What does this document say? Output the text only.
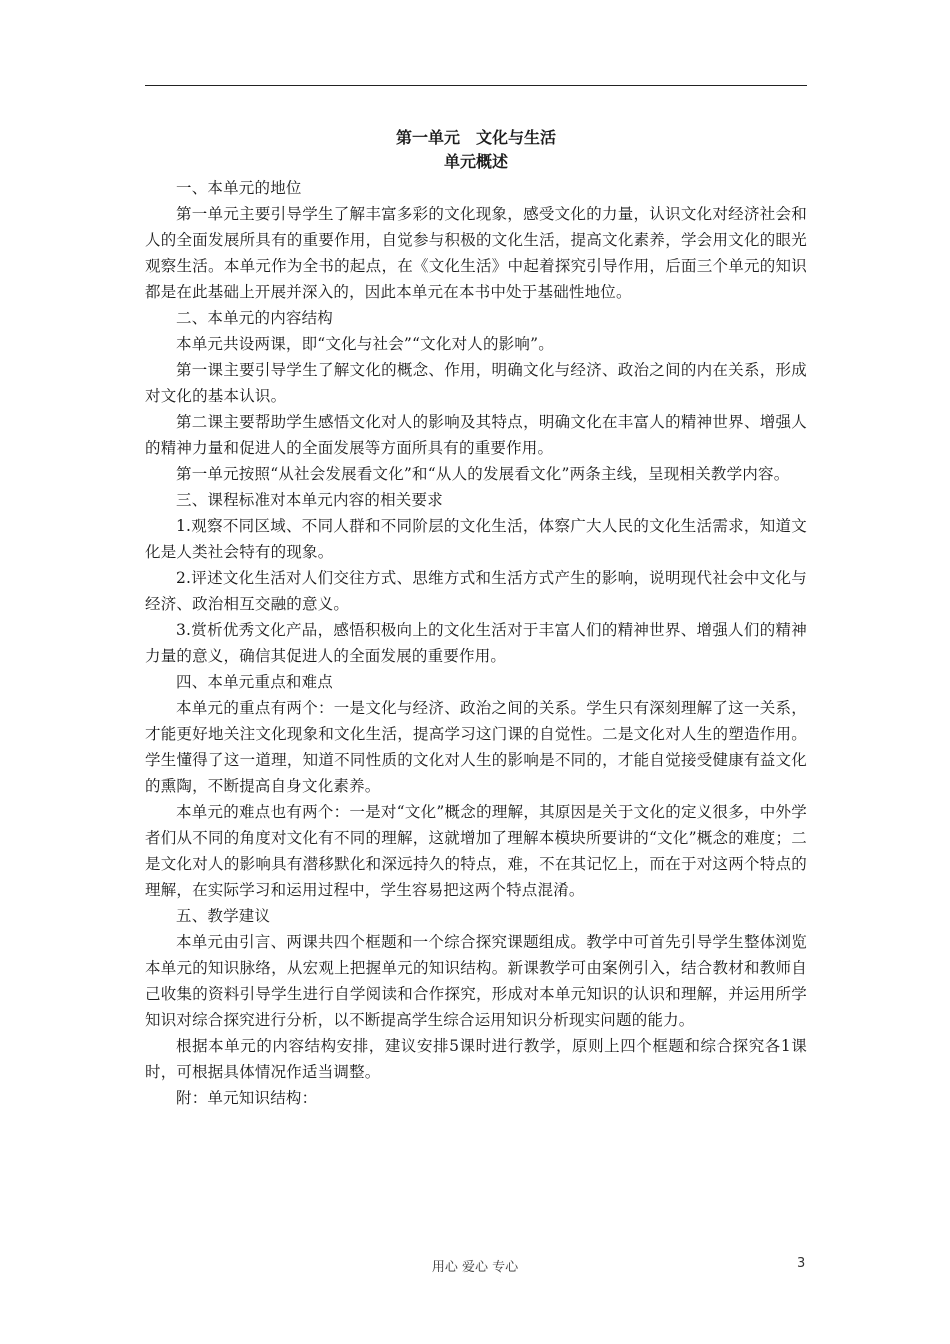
第一单元　文化与生活
单元概述

一、本单元的地位

第一单元主要引导学生了解丰富多彩的文化现象，感受文化的力量，认识文化对经济社会和人的全面发展所具有的重要作用，自觉参与积极的文化生活，提高文化素养，学会用文化的眼光观察生活。本单元作为全书的起点，在《文化生活》中起着探究引导作用，后面三个单元的知识都是在此基础上开展并深入的，因此本单元在本书中处于基础性地位。

二、本单元的内容结构

本单元共设两课，即“文化与社会”“文化对人的影响”。

第一课主要引导学生了解文化的概念、作用，明确文化与经济、政治之间的内在关系，形成对文化的基本认识。

第二课主要帮助学生感悟文化对人的影响及其特点，明确文化在丰富人的精神世界、增强人的精神力量和促进人的全面发展等方面所具有的重要作用。

第一单元按照“从社会发展看文化”和“从人的发展看文化”两条主线，呈现相关教学内容。

三、课程标准对本单元内容的相关要求

1.观察不同区域、不同人群和不同阶层的文化生活，体察广大人民的文化生活需求，知道文化是人类社会特有的现象。

2.评述文化生活对人们交往方式、思维方式和生活方式产生的影响，说明现代社会中文化与经济、政治相互交融的意义。

3.赏析优秀文化产品，感悟积极向上的文化生活对于丰富人们的精神世界、增强人们的精神力量的意义，确信其促进人的全面发展的重要作用。

四、本单元重点和难点

本单元的重点有两个：一是文化与经济、政治之间的关系。学生只有深刻理解了这一关系，才能更好地关注文化现象和文化生活，提高学习这门课的自觉性。二是文化对人生的塑造作用。学生懂得了这一道理，知道不同性质的文化对人生的影响是不同的，才能自觉接受健康有益文化的熏陶，不断提高自身文化素养。

本单元的难点也有两个：一是对“文化”概念的理解，其原因是关于文化的定义很多，中外学者们从不同的角度对文化有不同的理解，这就增加了理解本模块所要讲的“文化”概念的难度；二是文化对人的影响具有潜移默化和深远持久的特点，难，不在其记忆上，而在于对这两个特点的理解，在实际学习和运用过程中，学生容易把这两个特点混淆。

五、教学建议

本单元由引言、两课共四个框题和一个综合探究课题组成。教学中可首先引导学生整体浏览本单元的知识脉络，从宏观上把握单元的知识结构。新课教学可由案例引入，结合教材和教师自己收集的资料引导学生进行自学阅读和合作探究，形成对本单元知识的认识和理解，并运用所学知识对综合探究进行分析，以不断提高学生综合运用知识分析现实问题的能力。

根据本单元的内容结构安排，建议安排5课时进行教学，原则上四个框题和综合探究各1课时，可根据具体情况作适当调整。

附：单元知识结构：

用心 爱心 专心	3
